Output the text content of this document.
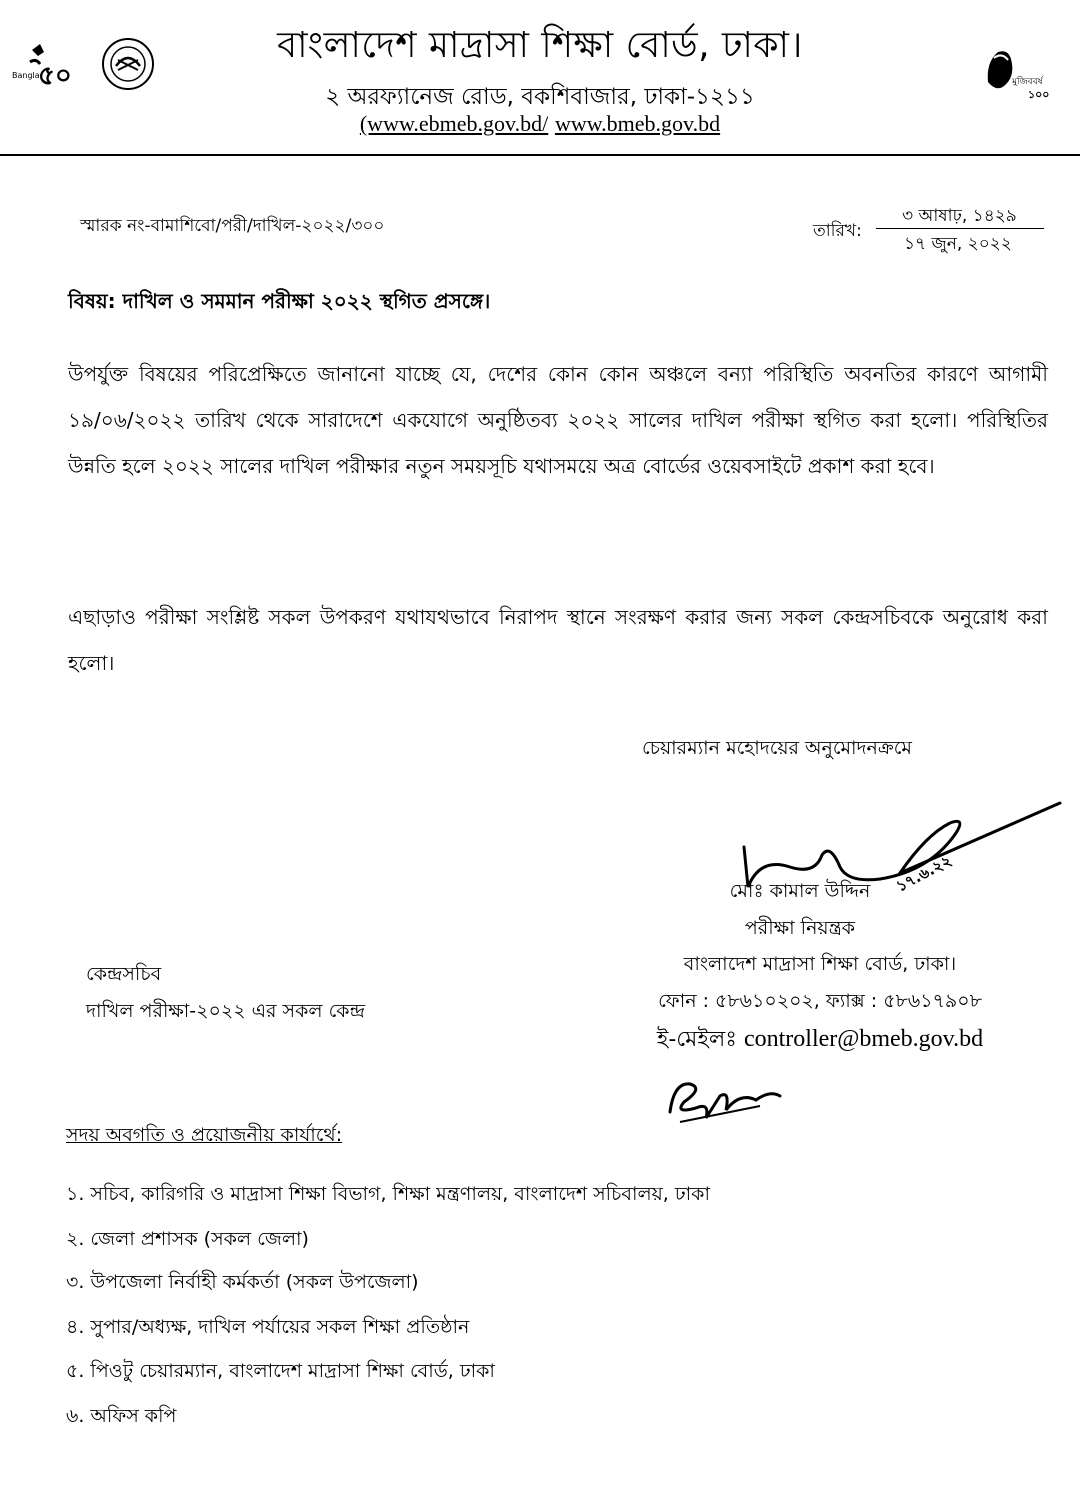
Bangla
৫০	মুজিববর্ষ
১০০
বাংলাদেশ মাদ্রাসা শিক্ষা বোর্ড, ঢাকা।
২ অরফ্যানেজ রোড, বকশিবাজার, ঢাকা-১২১১
(www.ebmeb.gov.bd/ www.bmeb.gov.bd
স্মারক নং-বামাশিবো/পরী/দাখিল-২০২২/৩০০	তারিখ:
৩ আষাঢ়, ১৪২৯
১৭ জুন, ২০২২
বিষয়: দাখিল ও সমমান পরীক্ষা ২০২২ স্থগিত প্রসঙ্গে।
উপর্যুক্ত বিষয়ের পরিপ্রেক্ষিতে জানানো যাচ্ছে যে, দেশের কোন কোন অঞ্চলে বন্যা পরিস্থিতি অবনতির কারণে আগামী ১৯/০৬/২০২২ তারিখ থেকে সারাদেশে একযোগে অনুষ্ঠিতব্য ২০২২ সালের দাখিল পরীক্ষা স্থগিত করা হলো। পরিস্থিতির উন্নতি হলে ২০২২ সালের দাখিল পরীক্ষার নতুন সময়সূচি যথাসময়ে অত্র বোর্ডের ওয়েবসাইটে প্রকাশ করা হবে।
এছাড়াও পরীক্ষা সংশ্লিষ্ট সকল উপকরণ যথাযথভাবে নিরাপদ স্থানে সংরক্ষণ করার জন্য সকল কেন্দ্রসচিবকে অনুরোধ করা হলো।
চেয়ারম্যান মহোদয়ের অনুমোদনক্রমে
১৭.৬.২২
মোঃ কামাল উদ্দিন
পরীক্ষা নিয়ন্ত্রক
বাংলাদেশ মাদ্রাসা শিক্ষা বোর্ড, ঢাকা।
ফোন : ৫৮৬১০২০২, ফ্যাক্স : ৫৮৬১৭৯০৮
ই-মেইলঃ controller@bmeb.gov.bd
কেন্দ্রসচিব
দাখিল পরীক্ষা-২০২২ এর সকল কেন্দ্র
সদয় অবগতি ও প্রয়োজনীয় কার্যার্থে:
১. সচিব, কারিগরি ও মাদ্রাসা শিক্ষা বিভাগ, শিক্ষা মন্ত্রণালয়, বাংলাদেশ সচিবালয়, ঢাকা
২. জেলা প্রশাসক (সকল জেলা)
৩. উপজেলা নির্বাহী কর্মকর্তা (সকল উপজেলা)
৪. সুপার/অধ্যক্ষ, দাখিল পর্যায়ের সকল শিক্ষা প্রতিষ্ঠান
৫. পিওটু চেয়ারম্যান, বাংলাদেশ মাদ্রাসা শিক্ষা বোর্ড, ঢাকা
৬. অফিস কপি
